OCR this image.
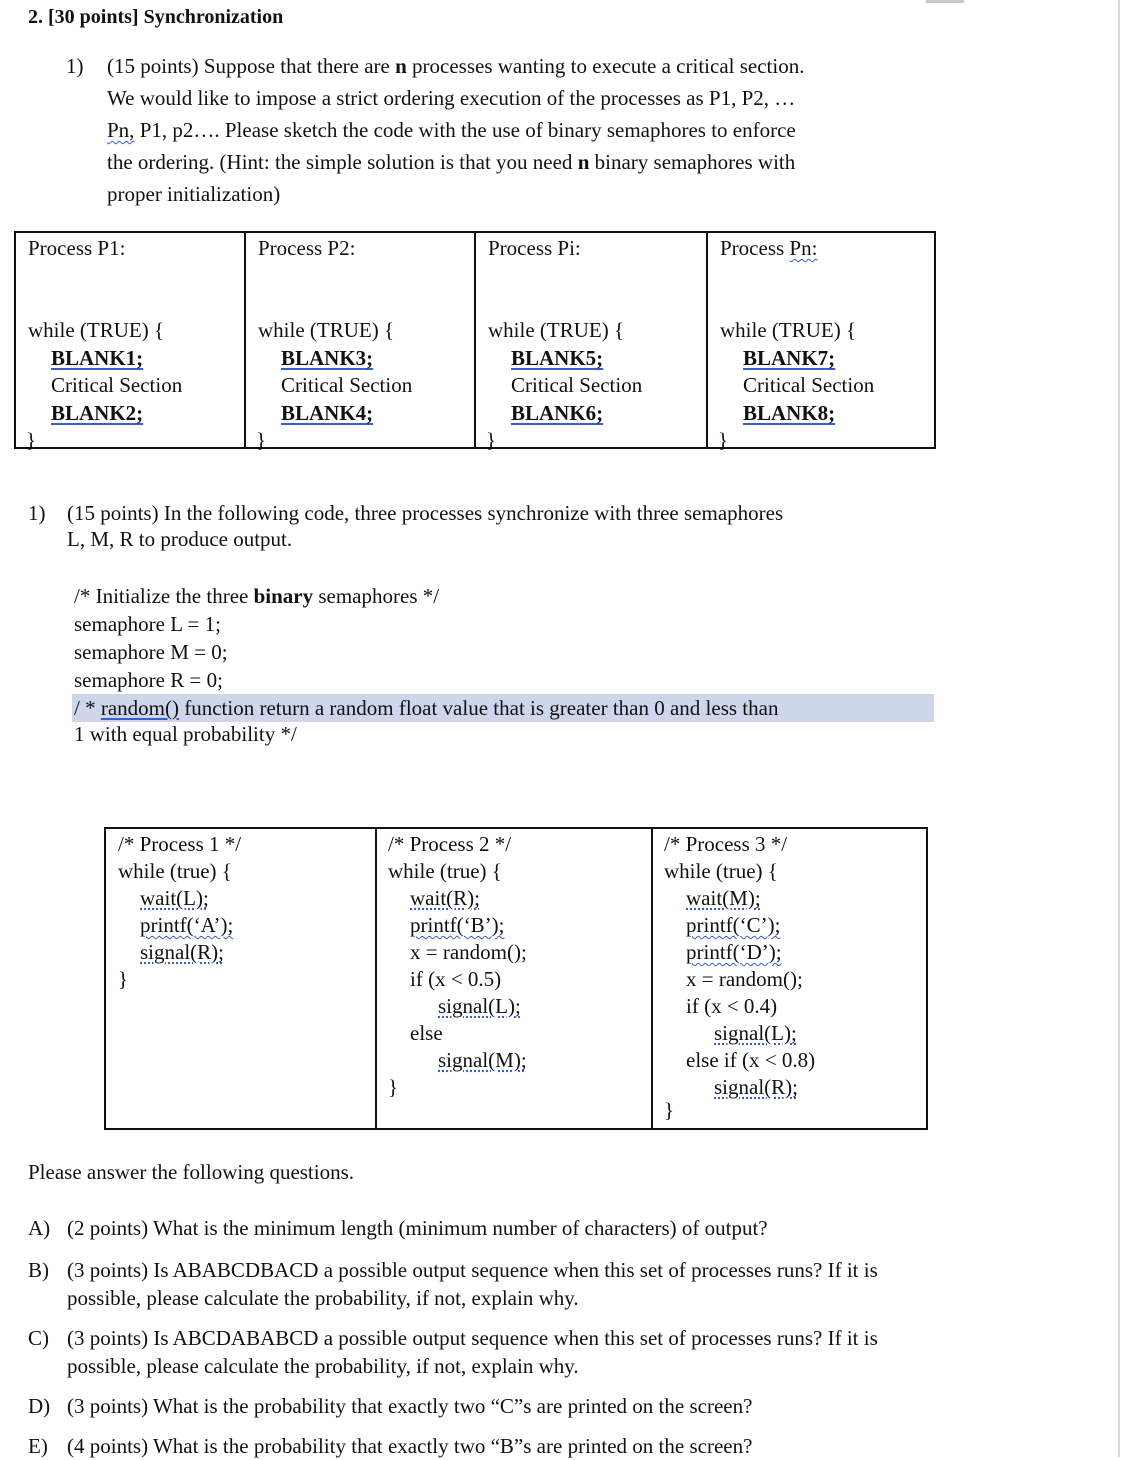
2. [30 points] Synchronization
1) (15 points) Suppose that there are n processes wanting to execute a critical section.
We would like to impose a strict ordering execution of the processes as P1, P2, …
Pn, P1, p2…. Please sketch the code with the use of binary semaphores to enforce
the ordering. (Hint: the simple solution is that you need n binary semaphores with
proper initialization)
Process P1:
while (TRUE) {
BLANK1;
Critical Section
BLANK2;
}
Process P2:
while (TRUE) {
BLANK3;
Critical Section
BLANK4;
}
Process Pi:
while (TRUE) {
BLANK5;
Critical Section
BLANK6;
}
Process Pn:
while (TRUE) {
BLANK7;
Critical Section
BLANK8;
}
1) (15 points) In the following code, three processes synchronize with three semaphores
L, M, R to produce output.
/* Initialize the three binary semaphores */
semaphore L = 1;
semaphore M = 0;
semaphore R = 0;
/ * random() function return a random float value that is greater than 0 and less than
1 with equal probability */
/* Process 1 */
while (true) {
wait(L);
printf(‘A’);
signal(R);
}
/* Process 2 */
while (true) {
wait(R);
printf(‘B’);
x = random();
if (x < 0.5)
signal(L);
else
signal(M);
}
/* Process 3 */
while (true) {
wait(M);
printf(‘C’);
printf(‘D’);
x = random();
if (x < 0.4)
signal(L);
else if (x < 0.8)
signal(R);
}
Please answer the following questions.
A) (2 points) What is the minimum length (minimum number of characters) of output?
B) (3 points) Is ABABCDBACD a possible output sequence when this set of processes runs? If it is possible, please calculate the probability, if not, explain why.
C) (3 points) Is ABCDABABCD a possible output sequence when this set of processes runs? If it is possible, please calculate the probability, if not, explain why.
D) (3 points) What is the probability that exactly two “C”s are printed on the screen?
E) (4 points) What is the probability that exactly two “B”s are printed on the screen?
